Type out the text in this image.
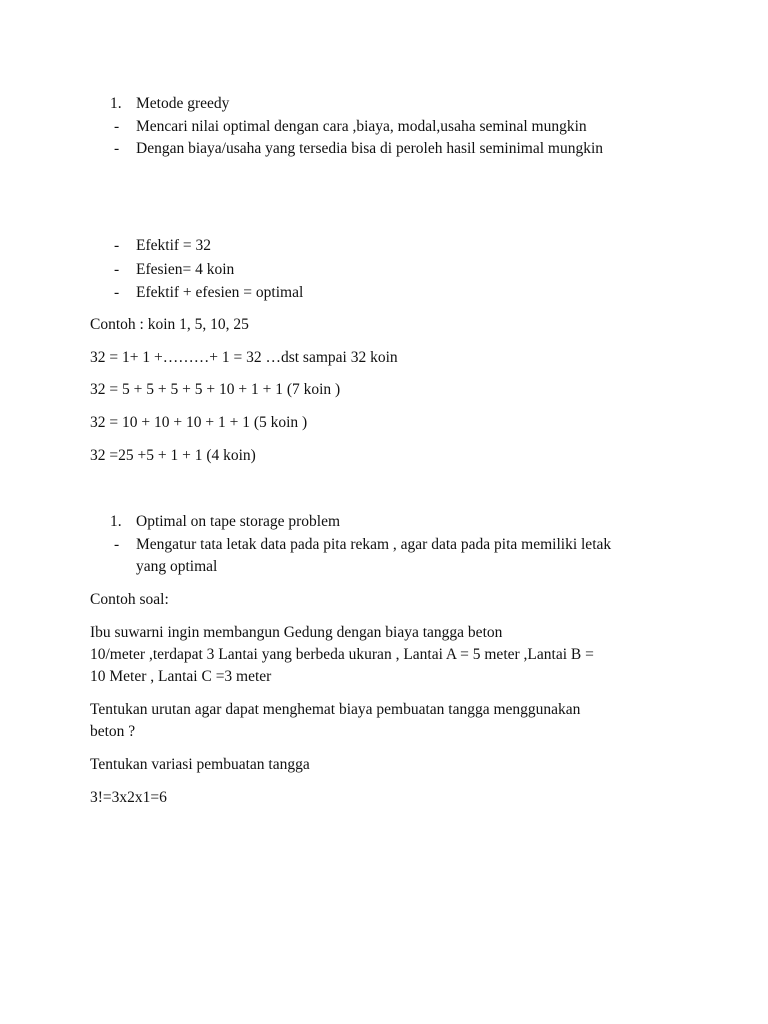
1. Metode greedy
- Mencari nilai optimal dengan cara ,biaya, modal,usaha seminal mungkin
- Dengan biaya/usaha yang tersedia bisa di peroleh hasil seminimal mungkin
- Efektif = 32
- Efesien= 4 koin
- Efektif + efesien = optimal
Contoh : koin 1, 5, 10, 25
32 = 1+ 1 +………+ 1 = 32 …dst sampai 32 koin
32 = 5 + 5 + 5 + 5 + 10 + 1 + 1 (7 koin )
32 = 10 + 10 + 10 + 1 + 1 (5 koin )
32 =25 +5 + 1 + 1 (4 koin)
1. Optimal on tape storage problem
- Mengatur tata letak data pada pita rekam , agar data pada pita memiliki letak
yang optimal
Contoh soal:
Ibu suwarni ingin membangun Gedung dengan biaya tangga beton
10/meter ,terdapat 3 Lantai yang berbeda ukuran , Lantai A = 5 meter ,Lantai B =
10 Meter , Lantai C =3 meter
Tentukan urutan agar dapat menghemat biaya pembuatan tangga menggunakan
beton ?
Tentukan variasi pembuatan tangga
3!=3x2x1=6
